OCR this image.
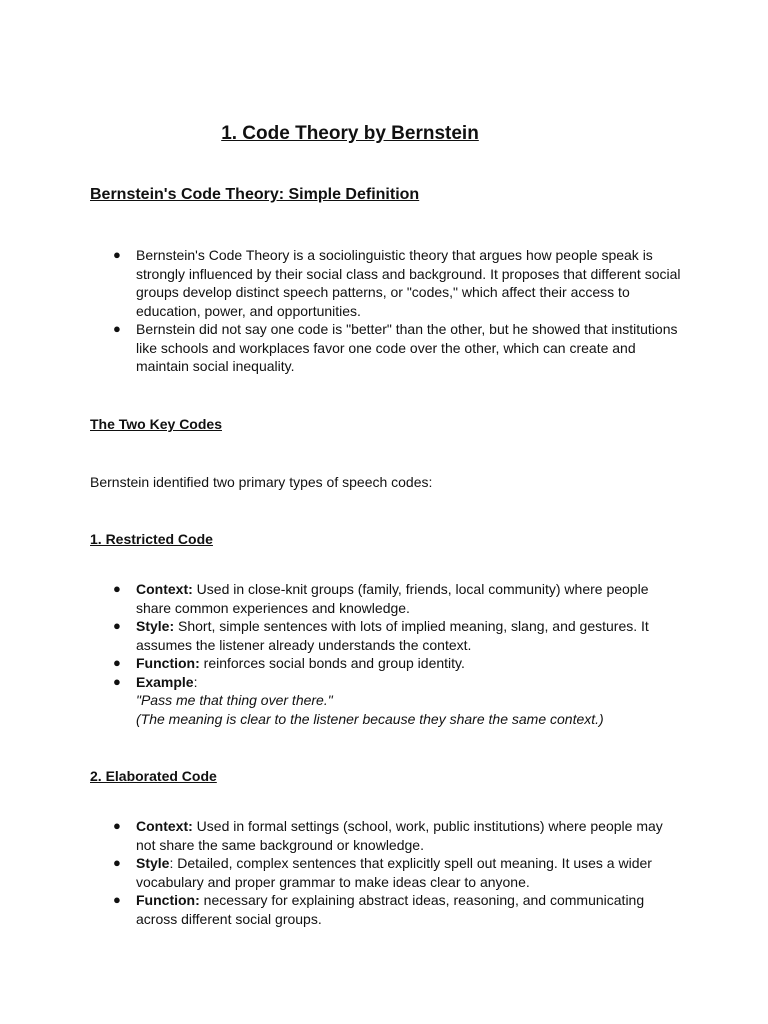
1. Code Theory by Bernstein
Bernstein's Code Theory: Simple Definition
● Bernstein's Code Theory is a sociolinguistic theory that argues how people speak is strongly influenced by their social class and background. It proposes that different social groups develop distinct speech patterns, or "codes," which affect their access to education, power, and opportunities.
● Bernstein did not say one code is "better" than the other, but he showed that institutions like schools and workplaces favor one code over the other, which can create and maintain social inequality.
The Two Key Codes

Bernstein identified two primary types of speech codes:

1. Restricted Code
● Context: Used in close-knit groups (family, friends, local community) where people share common experiences and knowledge.
● Style: Short, simple sentences with lots of implied meaning, slang, and gestures. It assumes the listener already understands the context.
● Function: reinforces social bonds and group identity.
● Example:
"Pass me that thing over there."
(The meaning is clear to the listener because they share the same context.)
2. Elaborated Code
● Context: Used in formal settings (school, work, public institutions) where people may not share the same background or knowledge.
● Style: Detailed, complex sentences that explicitly spell out meaning. It uses a wider vocabulary and proper grammar to make ideas clear to anyone.
● Function: necessary for explaining abstract ideas, reasoning, and communicating across different social groups.
